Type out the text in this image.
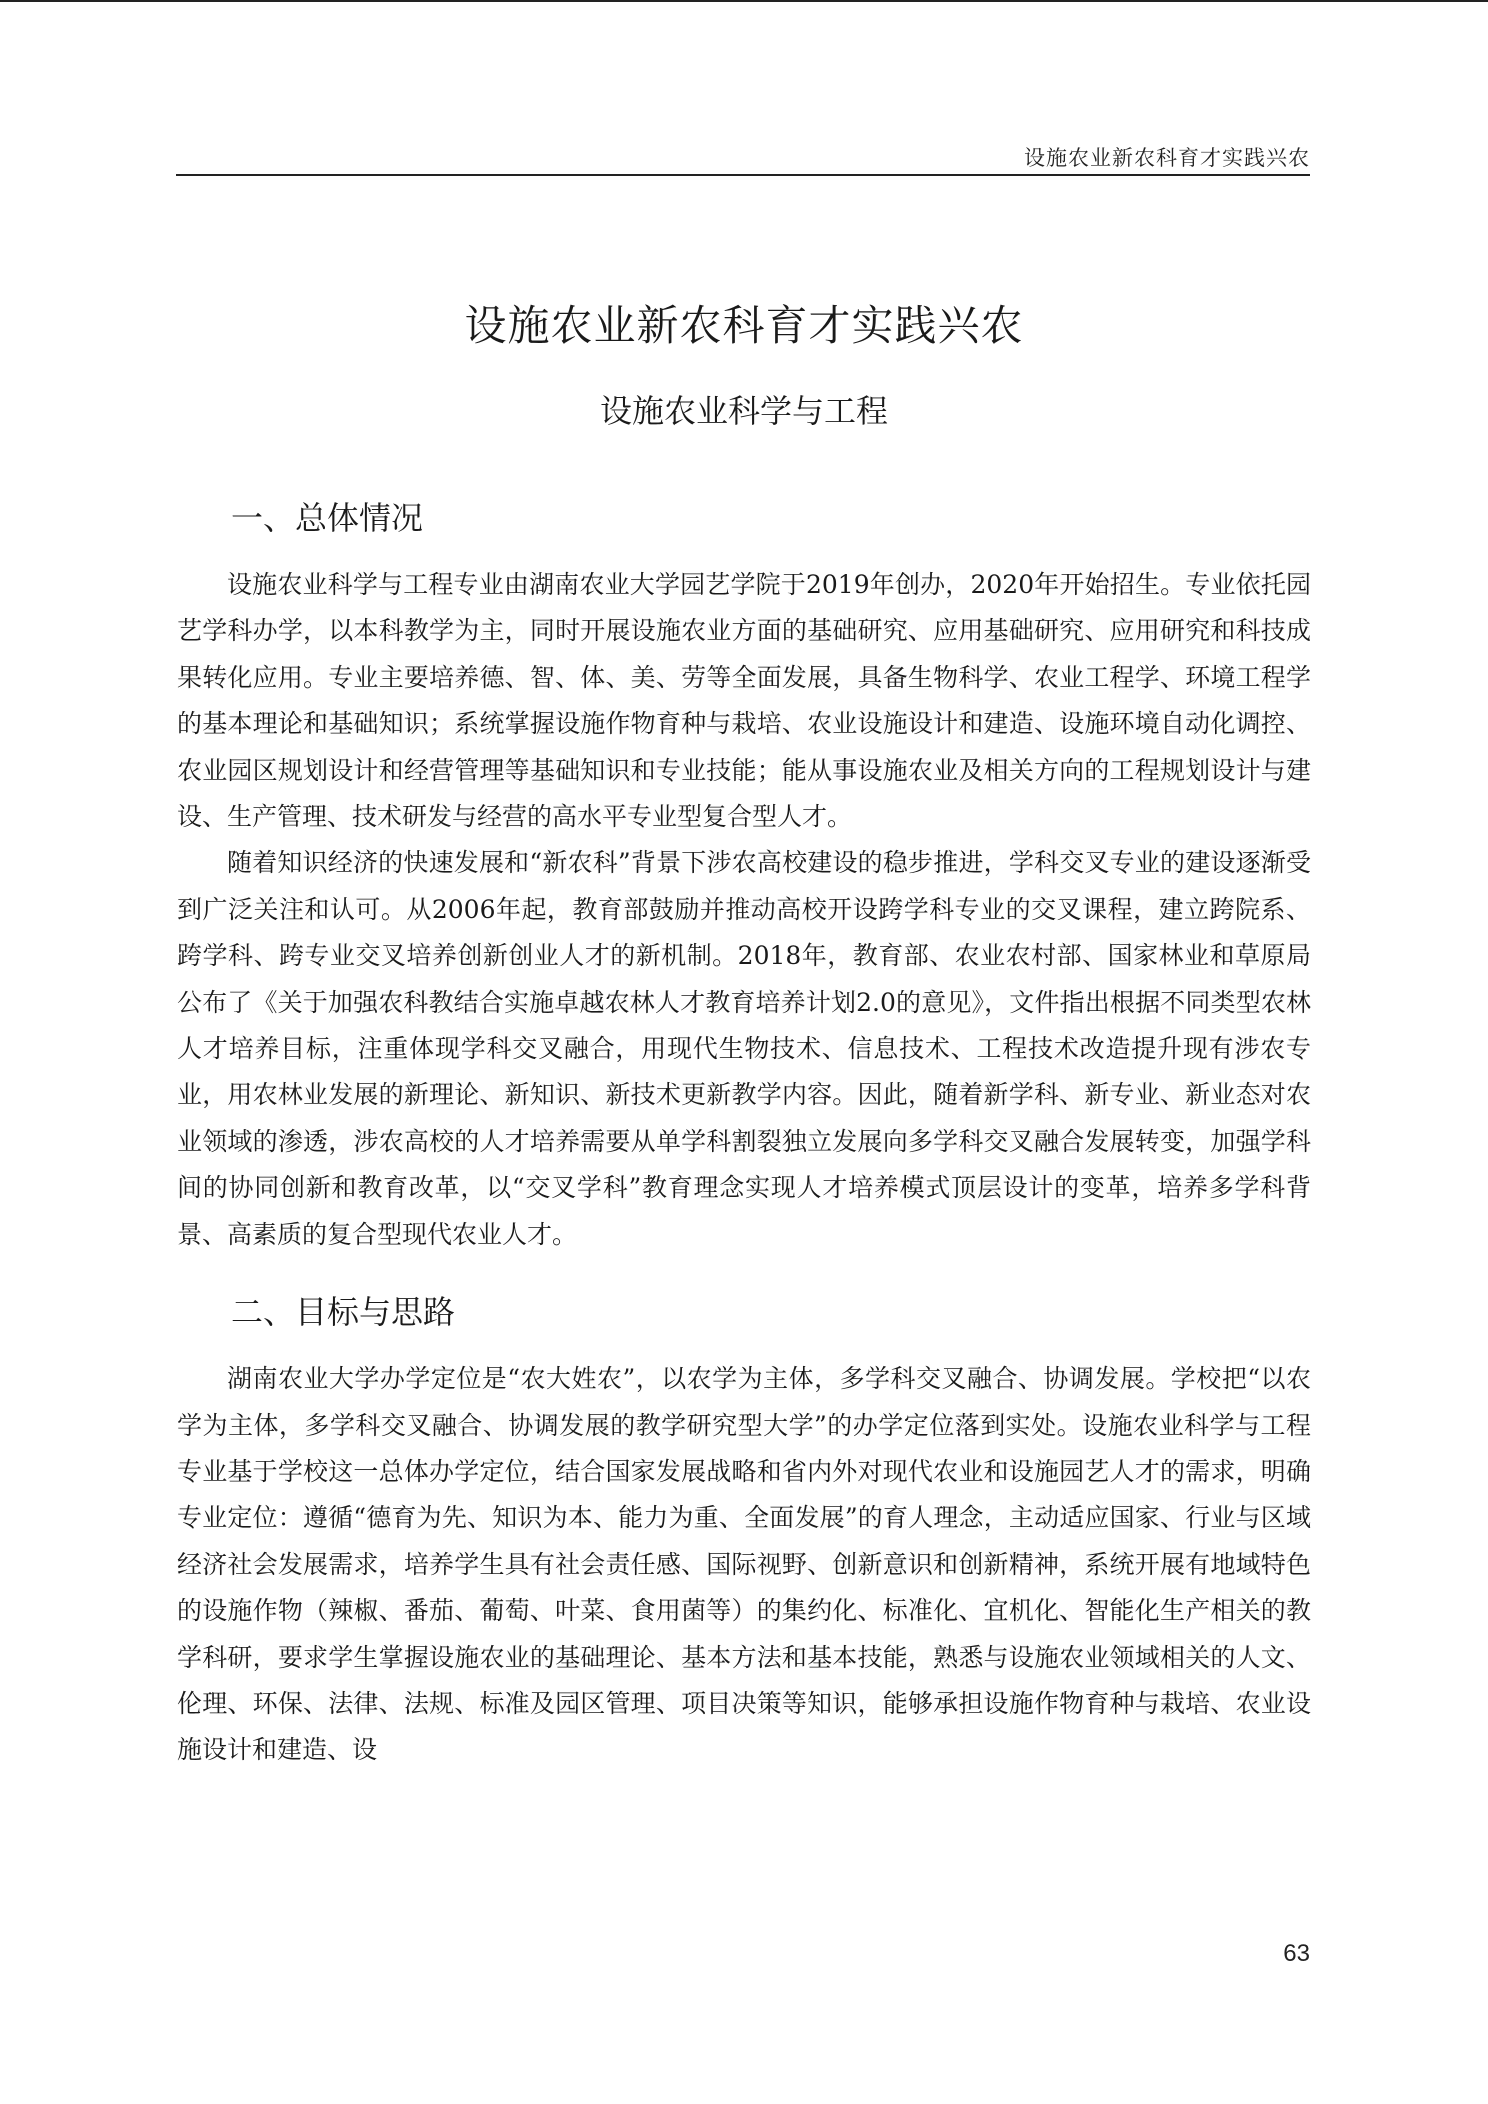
设施农业新农科育才实践兴农
设施农业新农科育才实践兴农
设施农业科学与工程
一、总体情况

设施农业科学与工程专业由湖南农业大学园艺学院于2019年创办，2020年开始招生。专业依托园艺学科办学，以本科教学为主，同时开展设施农业方面的基础研究、应用基础研究、应用研究和科技成果转化应用。专业主要培养德、智、体、美、劳等全面发展，具备生物科学、农业工程学、环境工程学的基本理论和基础知识；系统掌握设施作物育种与栽培、农业设施设计和建造、设施环境自动化调控、农业园区规划设计和经营管理等基础知识和专业技能；能从事设施农业及相关方向的工程规划设计与建设、生产管理、技术研发与经营的高水平专业型复合型人才。

随着知识经济的快速发展和“新农科”背景下涉农高校建设的稳步推进，学科交叉专业的建设逐渐受到广泛关注和认可。从2006年起，教育部鼓励并推动高校开设跨学科专业的交叉课程，建立跨院系、跨学科、跨专业交叉培养创新创业人才的新机制。2018年，教育部、农业农村部、国家林业和草原局公布了《关于加强农科教结合实施卓越农林人才教育培养计划2.0的意见》，文件指出根据不同类型农林人才培养目标，注重体现学科交叉融合，用现代生物技术、信息技术、工程技术改造提升现有涉农专业，用农林业发展的新理论、新知识、新技术更新教学内容。因此，随着新学科、新专业、新业态对农业领域的渗透，涉农高校的人才培养需要从单学科割裂独立发展向多学科交叉融合发展转变，加强学科间的协同创新和教育改革，以“交叉学科”教育理念实现人才培养模式顶层设计的变革，培养多学科背景、高素质的复合型现代农业人才。

二、目标与思路

湖南农业大学办学定位是“农大姓农”，以农学为主体，多学科交叉融合、协调发展。学校把“以农学为主体，多学科交叉融合、协调发展的教学研究型大学”的办学定位落到实处。设施农业科学与工程专业基于学校这一总体办学定位，结合国家发展战略和省内外对现代农业和设施园艺人才的需求，明确专业定位：遵循“德育为先、知识为本、能力为重、全面发展”的育人理念，主动适应国家、行业与区域经济社会发展需求，培养学生具有社会责任感、国际视野、创新意识和创新精神，系统开展有地域特色的设施作物（辣椒、番茄、葡萄、叶菜、食用菌等）的集约化、标准化、宜机化、智能化生产相关的教学科研，要求学生掌握设施农业的基础理论、基本方法和基本技能，熟悉与设施农业领域相关的人文、伦理、环保、法律、法规、标准及园区管理、项目决策等知识，能够承担设施作物育种与栽培、农业设施设计和建造、设

63
